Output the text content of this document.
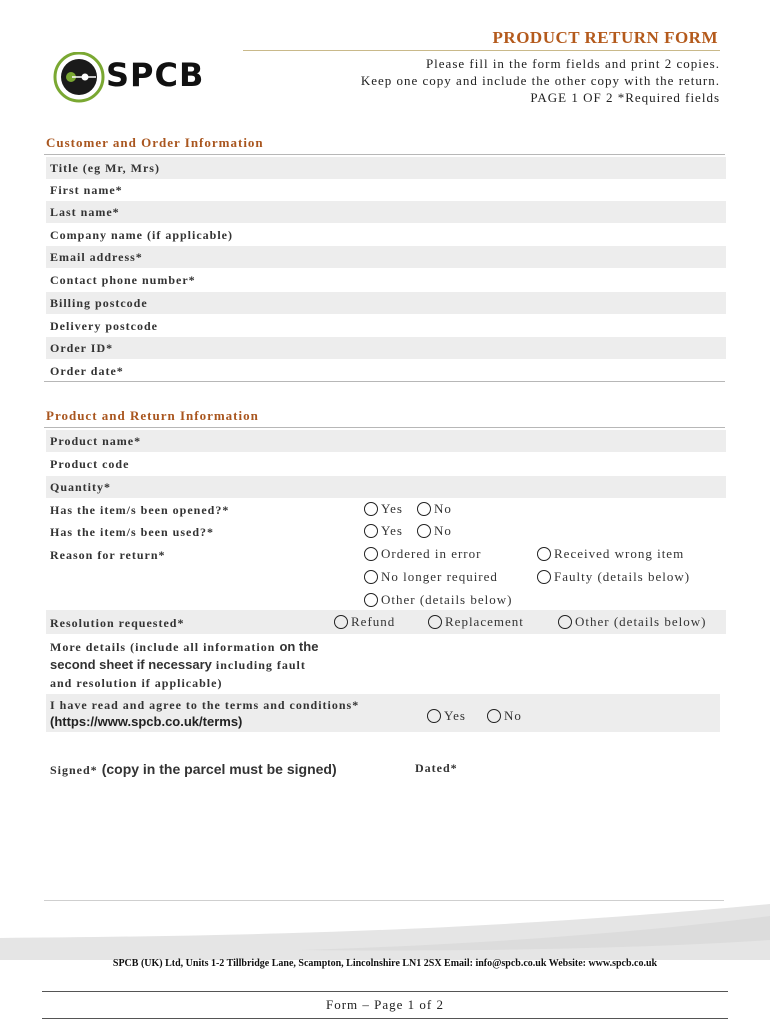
SPCB
PRODUCT RETURN FORM
Please fill in the form fields and print 2 copies.
Keep one copy and include the other copy with the return.
PAGE 1 OF 2 *Required fields
Customer and Order Information
Title (eg Mr, Mrs)
First name*
Last name*
Company name (if applicable)
Email address*
Contact phone number*
Billing postcode
Delivery postcode
Order ID*
Order date*
Product and Return Information
Product name*
Product code
Quantity*
Has the item/s been opened?*	Yes No
Has the item/s been used?*	Yes No
Reason for return*	Ordered in error	Received wrong item
No longer required	Faulty (details below)
Other (details below)
Resolution requested*	Refund	Replacement	Other (details below)
More details (include all information on the
second sheet if necessary including fault
and resolution if applicable)
I have read and agree to the terms and conditions*
(https://www.spcb.co.uk/terms)	Yes	No
Signed* (copy in the parcel must be signed)	Dated*
SPCB (UK) Ltd, Units 1-2 Tillbridge Lane, Scampton, Lincolnshire LN1 2SX Email: info@spcb.co.uk Website: www.spcb.co.uk
Form – Page 1 of 2
